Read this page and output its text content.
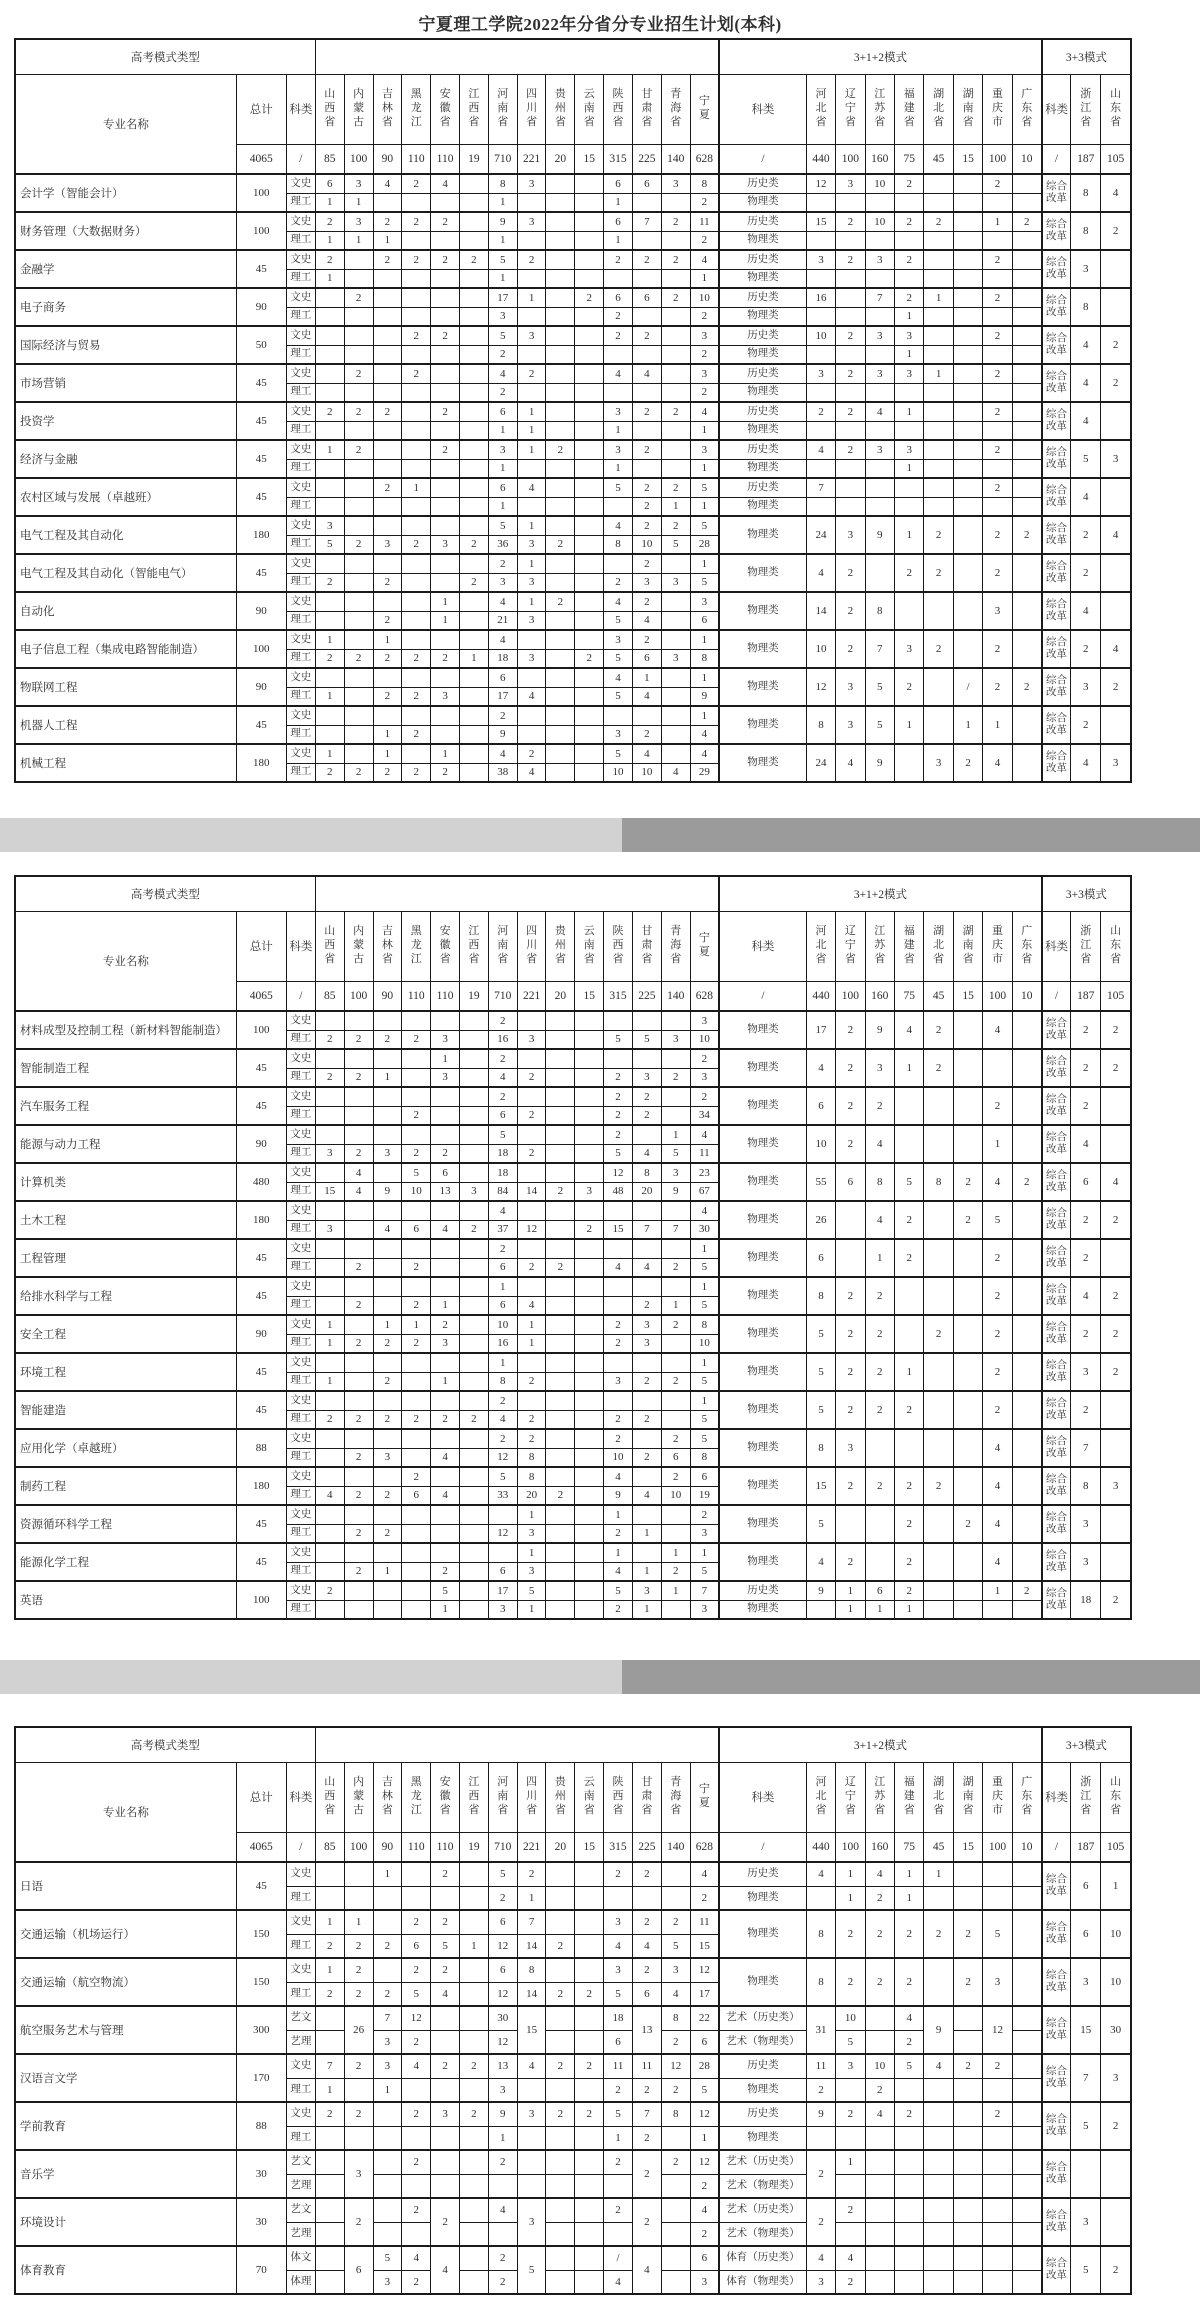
宁夏理工学院2022年分省分专业招生计划(本科)
高考模式类型																	3+1+2模式									3+3模式		
专业名称	总计	科类	山西省	内蒙古	吉林省	黑龙江	安徽省	江西省	河南省	四川省	贵州省	云南省	陕西省	甘肃省	青海省	宁夏	科类	河北省	辽宁省	江苏省	福建省	湖北省	湖南省	重庆市	广东省	科类	浙江省	山东省
	4065	/	85	100	90	110	110	19	710	221	20	15	315	225	140	628	/	440	100	160	75	45	15	100	10	/	187	105
会计学（智能会计）	100	文史	6	3	4	2	4		8	3			6	6	3	8	历史类	12	3	10	2			2		综合改革	8	4
		理工	1	1					1				1			2	物理类											
财务管理（大数据财务）	100	文史	2	3	2	2	2		9	3			6	7	2	11	历史类	15	2	10	2	2		1	2	综合改革	8	2
		理工	1	1	1				1				1			2	物理类											
金融学	45	文史	2		2	2	2	2	5	2			2	2	2	4	历史类	3	2	3	2			2		综合改革	3	
		理工	1						1							1	物理类											
电子商务	90	文史		2					17	1		2	6	6	2	10	历史类	16		7	2	1		2		综合改革	8	
		理工							3				2			2	物理类				1							
国际经济与贸易	50	文史				2	2		5	3			2	2		3	历史类	10	2	3	3			2		综合改革	4	2
		理工							2							2	物理类				1							
市场营销	45	文史		2		2			4	2			4	4		3	历史类	3	2	3	3	1		2		综合改革	4	2
		理工							2							2	物理类											
投资学	45	文史	2	2	2		2		6	1			3	2	2	4	历史类	2	2	4	1			2		综合改革	4	
		理工							1	1			1			1	物理类											
经济与金融	45	文史	1	2			2		3	1	2		3	2		3	历史类	4	2	3	3			2		综合改革	5	3
		理工							1				1			1	物理类				1							
农村区域与发展（卓越班）	45	文史			2	1			6	4			5	2	2	5	历史类	7						2		综合改革	4	
		理工							1					2	1	1	物理类											
电气工程及其自动化	180	文史	3						5	1			4	2	2	5	物理类	24	3	9	1	2		2	2	综合改革	2	4
		理工	5	2	3	2	3	2	36	3	2		8	10	5	28												
电气工程及其自动化（智能电气）	45	文史							2	1				2		1	物理类	4	2		2	2		2		综合改革	2	
		理工	2		2			2	3	3			2	3	3	5												
自动化	90	文史					1		4	1	2		4	2		3	物理类	14	2	8				3		综合改革	4	
		理工			2		1		21	3			5	4		6												
电子信息工程（集成电路智能制造）	100	文史	1		1				4				3	2		1	物理类	10	2	7	3	2		2		综合改革	2	4
		理工	2	2	2	2	2	1	18	3		2	5	6	3	8												
物联网工程	90	文史							6				4	1		1	物理类	12	3	5	2		/	2	2	综合改革	3	2
		理工	1		2	2	3		17	4			5	4		9												
机器人工程	45	文史							2							1	物理类	8	3	5	1		1	1		综合改革	2	
		理工			1	2			9				3	2		4												
机械工程	180	文史	1		1		1		4	2			5	4		4	物理类	24	4	9		3	2	4		综合改革	4	3
		理工	2	2	2	2	2		38	4			10	10	4	29												
高考模式类型																	3+1+2模式									3+3模式		
专业名称	总计	科类	山西省	内蒙古	吉林省	黑龙江	安徽省	江西省	河南省	四川省	贵州省	云南省	陕西省	甘肃省	青海省	宁夏	科类	河北省	辽宁省	江苏省	福建省	湖北省	湖南省	重庆市	广东省	科类	浙江省	山东省
	4065	/	85	100	90	110	110	19	710	221	20	15	315	225	140	628	/	440	100	160	75	45	15	100	10	/	187	105
材料成型及控制工程（新材料智能制造）	100	文史							2							3	物理类	17	2	9	4	2		4		综合改革	2	2
		理工	2	2	2	2	3		16	3			5	5	3	10												
智能制造工程	45	文史					1		2							2	物理类	4	2	3	1	2				综合改革	2	2
		理工	2	2	1		3		4	2			2	3	2	3												
汽车服务工程	45	文史							2				2	2		2	物理类	6	2	2				2		综合改革	2	
		理工				2			6	2			2	2		34												
能源与动力工程	90	文史							5				2		1	4	物理类	10	2	4				1		综合改革	4	
		理工	3	2	3	2	2		18	2			5	4	5	11												
计算机类	480	文史		4		5	6		18				12	8	3	23	物理类	55	6	8	5	8	2	4	2	综合改革	6	4
		理工	15	4	9	10	13	3	84	14	2	3	48	20	9	67												
土木工程	180	文史							4							4	物理类	26		4	2		2	5		综合改革	2	2
		理工	3		4	6	4	2	37	12		2	15	7	7	30												
工程管理	45	文史							2							1	物理类	6		1	2			2		综合改革	2	
		理工		2		2			6	2	2		4	4	2	5												
给排水科学与工程	45	文史							1							1	物理类	8	2	2				2		综合改革	4	2
		理工		2		2	1		6	4				2	1	5												
安全工程	90	文史	1		1	1	2		10	1			2	3	2	8	物理类	5	2	2		2		2		综合改革	2	2
		理工	1	2	2	2	3		16	1			2	3		10												
环境工程	45	文史							1							1	物理类	5	2	2	1			2		综合改革	3	2
		理工	1		2		1		8	2			3	2	2	5												
智能建造	45	文史							2							1	物理类	5	2	2	2			2		综合改革	2	
		理工	2	2	2	2	2	2	4	2			2	2		5												
应用化学（卓越班）	88	文史							2	2			2		2	5	物理类	8	3					4		综合改革	7	
		理工		2	3		4		12	8			10	2	6	8												
制药工程	180	文史				2			5	8			4		2	6	物理类	15	2	2	2	2		4		综合改革	8	3
		理工	4	2	2	6	4		33	20	2		9	4	10	19												
资源循环科学工程	45	文史								1			1			2	物理类	5			2		2	4		综合改革	3	
		理工		2	2				12	3			2	1		3												
能源化学工程	45	文史								1			1		1	1	物理类	4	2		2			4		综合改革	3	
		理工		2	1		2		6	3			4	1	2	5												
英语	100	文史	2				5		17	5			5	3	1	7	历史类	9	1	6	2			1	2	综合改革	18	2
		理工					1		3	1			2	1		3	物理类		1	1	1							
高考模式类型																	3+1+2模式									3+3模式		
专业名称	总计	科类	山西省	内蒙古	吉林省	黑龙江	安徽省	江西省	河南省	四川省	贵州省	云南省	陕西省	甘肃省	青海省	宁夏	科类	河北省	辽宁省	江苏省	福建省	湖北省	湖南省	重庆市	广东省	科类	浙江省	山东省
	4065	/	85	100	90	110	110	19	710	221	20	15	315	225	140	628	/	440	100	160	75	45	15	100	10	/	187	105
日语	45	文史			1		2		5	2			2	2		4	历史类	4	1	4	1	1				综合改革	6	1
		理工							2	1						2	物理类		1	2	1							
交通运输（机场运行）	150	文史	1	1		2	2		6	7			3	2	2	11	物理类	8	2	2	2	2	2	5		综合改革	6	10
		理工	2	2	2	6	5	1	12	14	2		4	4	5	15												
交通运输（航空物流）	150	文史	1	2		2	2		6	8			3	2	3	12	物理类	8	2	2	2		2	3		综合改革	3	10
		理工	2	2	2	5	4		12	14	2	2	5	6	4	17												
航空服务艺术与管理	300	艺文		26	7	12			30	15			18	13	8	22	艺术（历史类）	31	10		4	9		12		综合改革	15	30
		艺理			3	2			12				6		2	6	艺术（物理类）		5		2							
汉语言文学	170	文史	7	2	3	4	2	2	13	4	2	2	11	11	12	28	历史类	11	3	10	5	4	2	2		综合改革	7	3
		理工	1		1				3				2	2	2	5	物理类	2		2								
学前教育	88	文史	2	2		2	3	2	9	3	2	2	5	7	8	12	历史类	9	2	4	2			2		综合改革	5	2
		理工							1				1	2		1	物理类											
音乐学	30	艺文		3		2			2				2	2	2	12	艺术（历史类）	2	1							综合改革		
		艺理														2	艺术（物理类）											
环境设计	30	艺文		2		2	2		4	3			2	2		4	艺术（历史类）	2	2							综合改革	3	
		艺理														2	艺术（物理类）											
体育教育	70	体文		6	5	4	4		2	5			/	4		6	体育（历史类）	4	4							综合改革	5	2
		体理			3	2			2				4			3	体育（物理类）	3	2									
